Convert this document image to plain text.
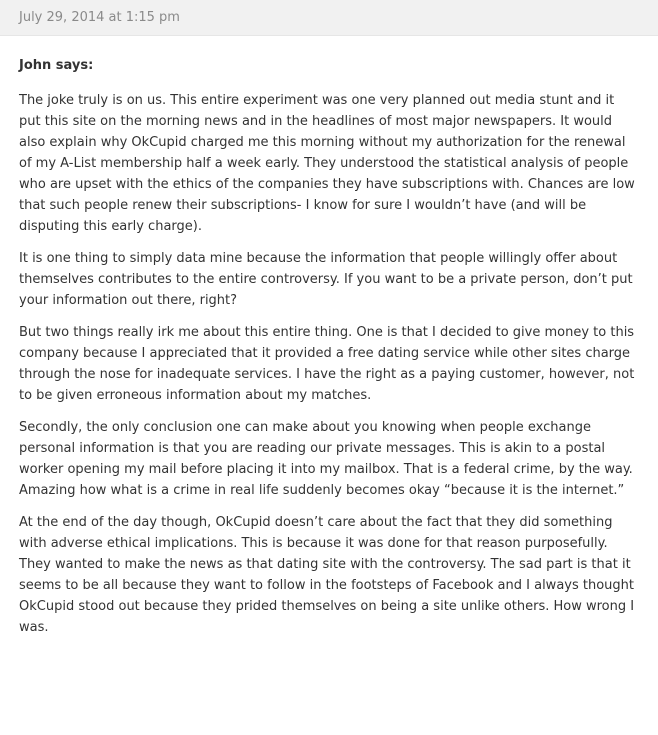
July 29, 2014 at 1:15 pm
John says:

The joke truly is on us. This entire experiment was one very planned out media stunt and it put this site on the morning news and in the headlines of most major newspapers. It would also explain why OkCupid charged me this morning without my authorization for the renewal of my A-List membership half a week early. They understood the statistical analysis of people who are upset with the ethics of the companies they have subscriptions with. Chances are low that such people renew their subscriptions- I know for sure I wouldn’t have (and will be disputing this early charge).

It is one thing to simply data mine because the information that people willingly offer about themselves contributes to the entire controversy. If you want to be a private person, don’t put your information out there, right?

But two things really irk me about this entire thing. One is that I decided to give money to this company because I appreciated that it provided a free dating service while other sites charge through the nose for inadequate services. I have the right as a paying customer, however, not to be given erroneous information about my matches.

Secondly, the only conclusion one can make about you knowing when people exchange personal information is that you are reading our private messages. This is akin to a postal worker opening my mail before placing it into my mailbox. That is a federal crime, by the way. Amazing how what is a crime in real life suddenly becomes okay “because it is the internet.”

At the end of the day though, OkCupid doesn’t care about the fact that they did something with adverse ethical implications. This is because it was done for that reason purposefully. They wanted to make the news as that dating site with the controversy. The sad part is that it seems to be all because they want to follow in the footsteps of Facebook and I always thought OkCupid stood out because they prided themselves on being a site unlike others. How wrong I was.
